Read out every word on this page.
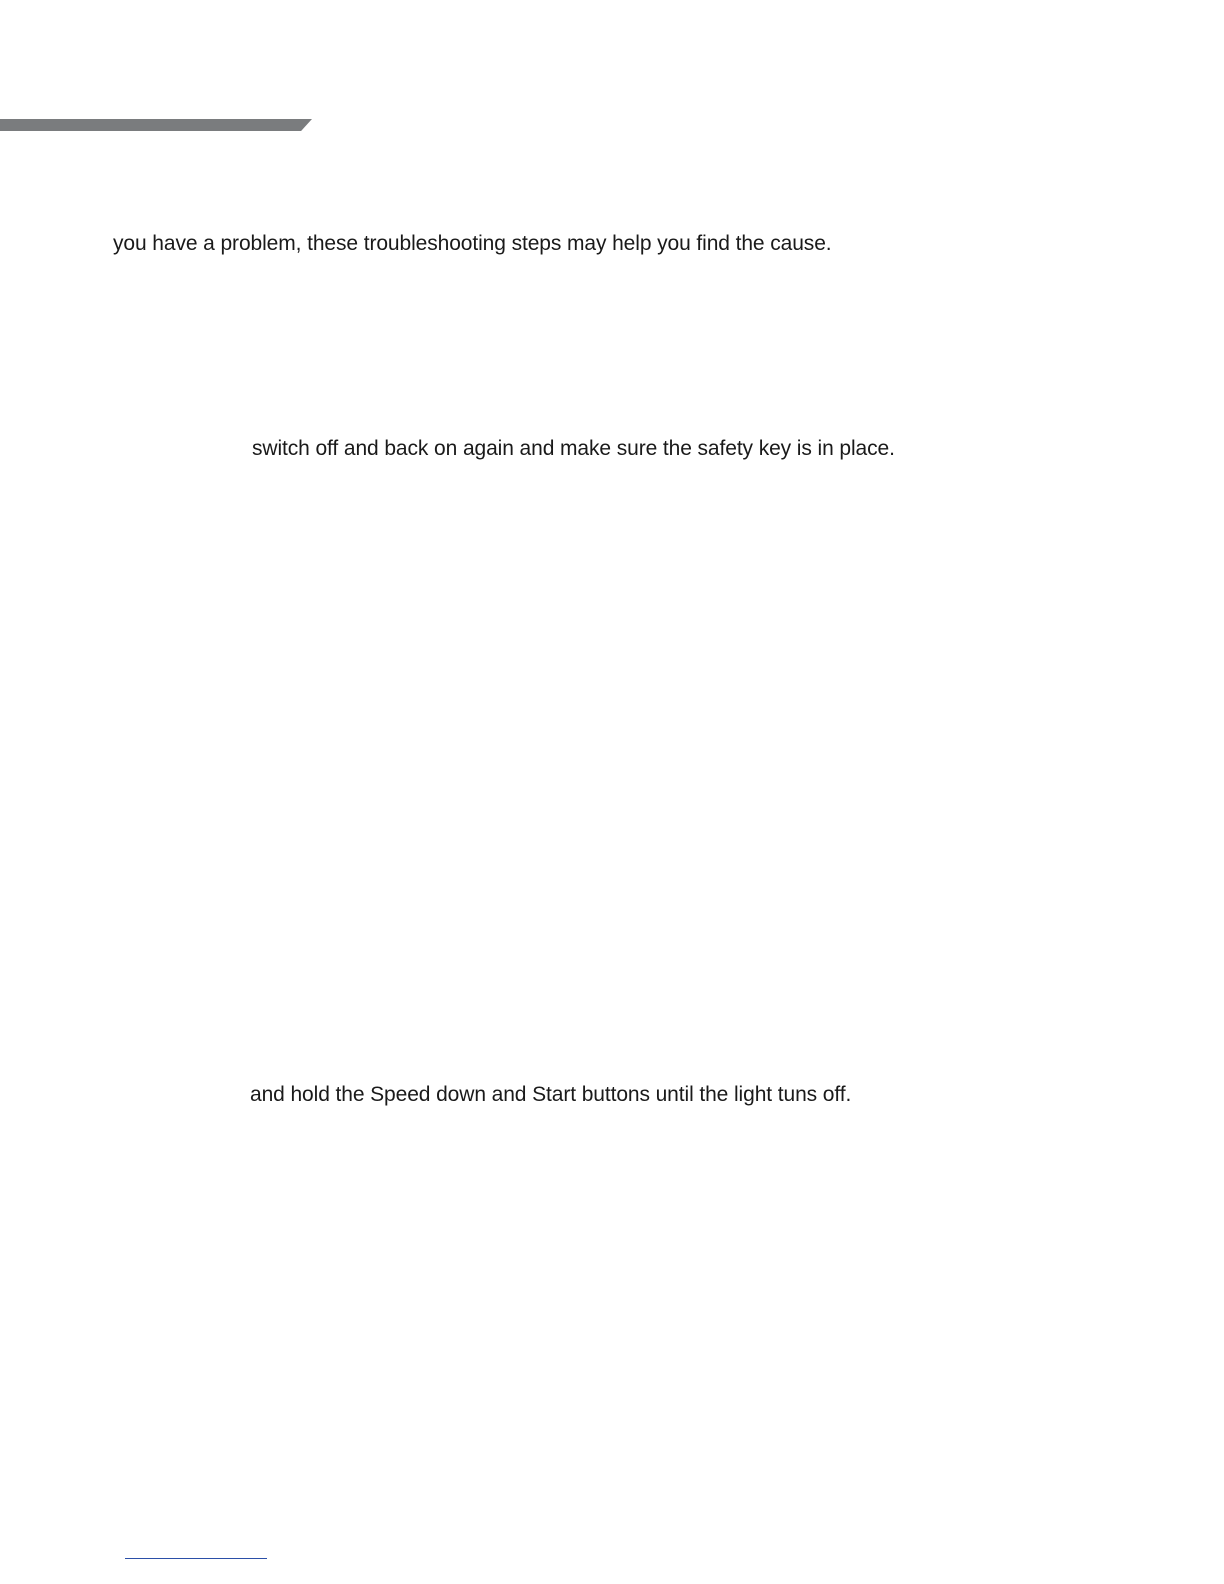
you have a problem, these troubleshooting steps may help you find the cause.
switch off and back on again and make sure the safety key is in place.
and hold the Speed down and Start buttons until the light tuns off.
